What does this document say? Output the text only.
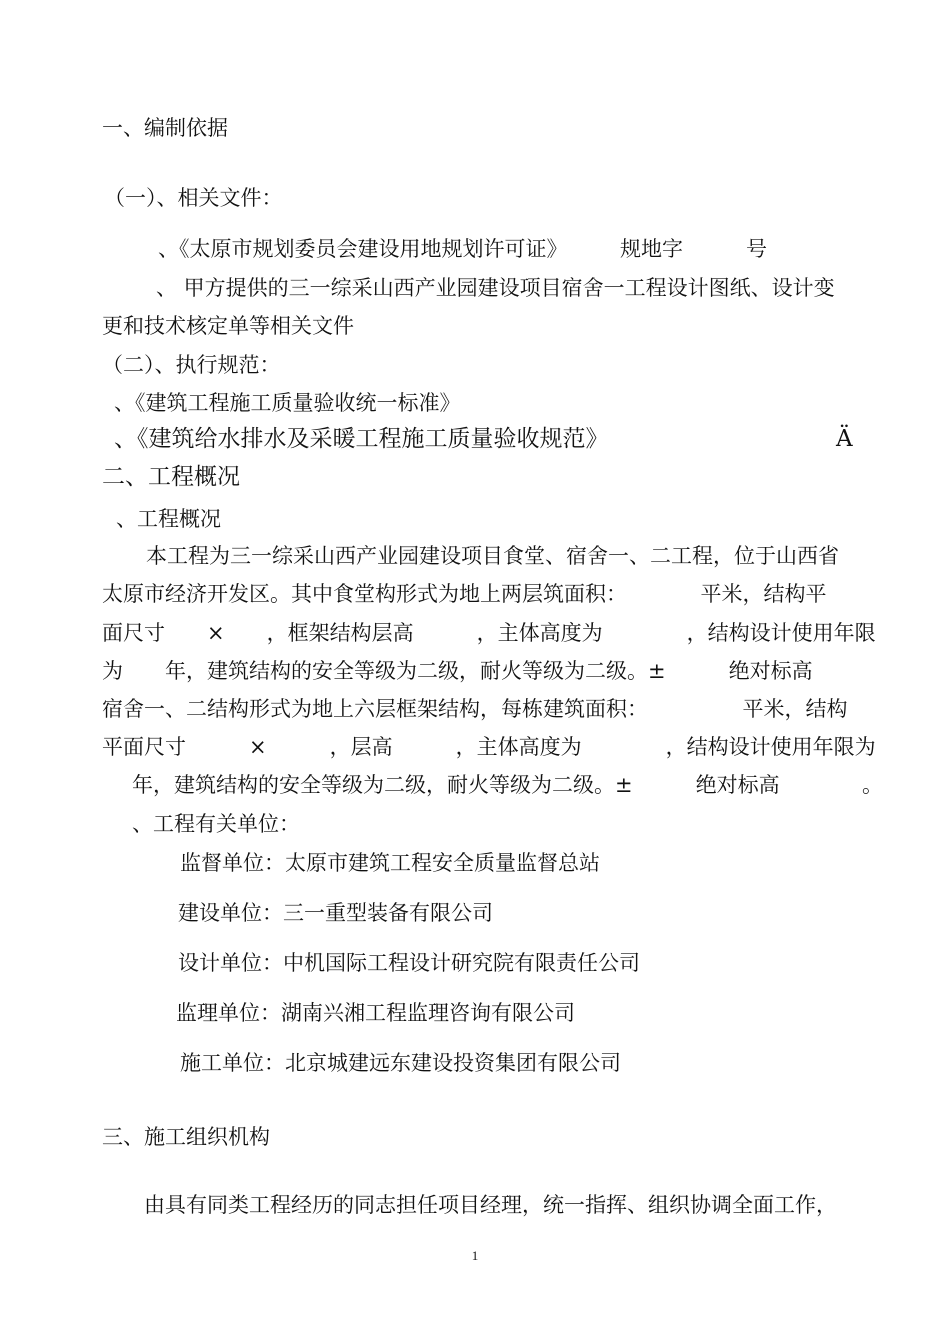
一、编制依据
（一）、相关文件：
、《太原市规划委员会建设用地规划许可证》　　　规地字　　　号
、 甲方提供的三一综采山西产业园建设项目宿舍一工程设计图纸、设计变
更和技术核定单等相关文件
（二）、执行规范：
、《建筑工程施工质量验收统一标准》
、《建筑给水排水及采暖工程施工质量验收规范》	Ä
二、工程概况
、工程概况
本工程为三一综采山西产业园建设项目食堂、宿舍一、二工程，位于山西省
太原市经济开发区。其中食堂构形式为地上两层筑面积：　　　　平米，结构平
面尺寸　　×　　，框架结构层高　　　，主体高度为　　　　，结构设计使用年限
为　　年，建筑结构的安全等级为二级，耐火等级为二级。±　　　绝对标高
宿舍一、二结构形式为地上六层框架结构，每栋建筑面积：　　　　　平米，结构
平面尺寸　　　×　　　，层高　　　，主体高度为　　　　，结构设计使用年限为
年，建筑结构的安全等级为二级，耐火等级为二级。±　　　绝对标高	。
、工程有关单位：
监督单位：太原市建筑工程安全质量监督总站
建设单位：三一重型装备有限公司
设计单位：中机国际工程设计研究院有限责任公司
监理单位：湖南兴湘工程监理咨询有限公司
施工单位：北京城建远东建设投资集团有限公司
三、施工组织机构
由具有同类工程经历的同志担任项目经理，统一指挥、组织协调全面工作，
1
